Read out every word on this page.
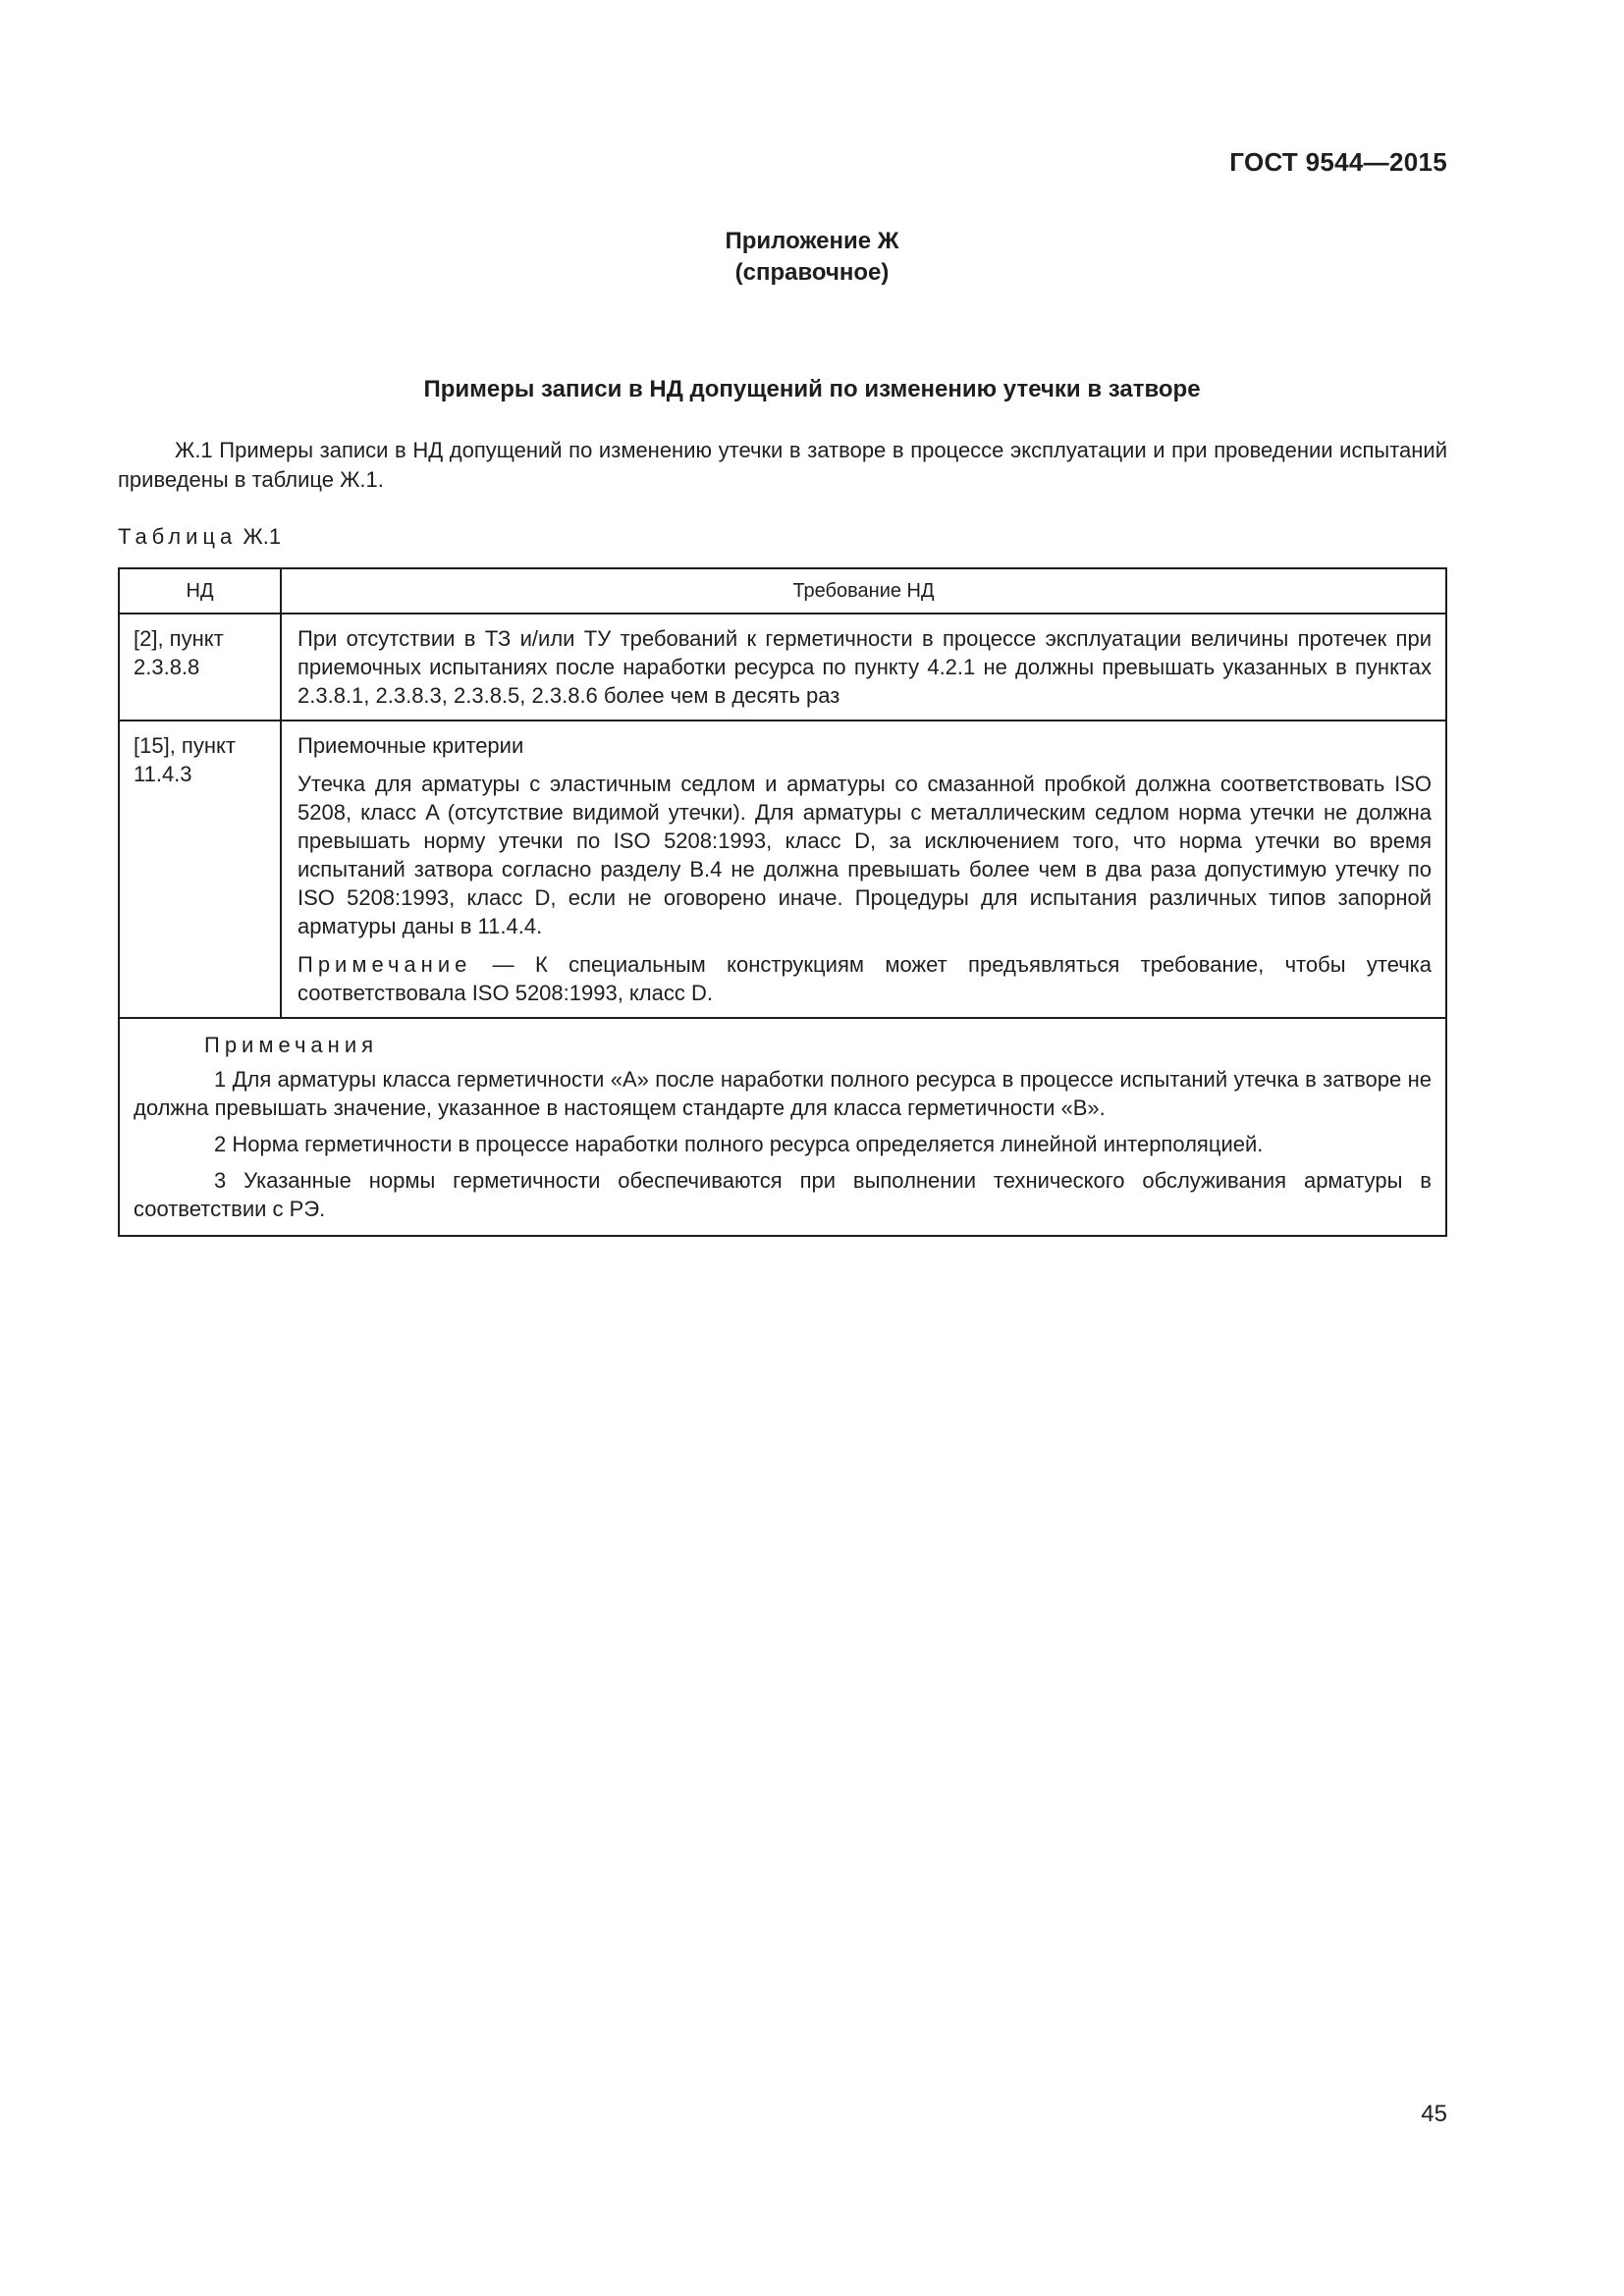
ГОСТ 9544—2015
Приложение Ж
(справочное)
Примеры записи в НД допущений по изменению утечки в затворе

Ж.1 Примеры записи в НД допущений по изменению утечки в затворе в процессе эксплуатации и при проведении испытаний приведены в таблице Ж.1.

Таблица Ж.1
НД	Требование НД
[2], пункт 2.3.8.8	При отсутствии в ТЗ и/или ТУ требований к герметичности в процессе эксплуатации величины протечек при приемочных испытаниях после наработки ресурса по пункту 4.2.1 не должны превышать указанных в пунктах 2.3.8.1, 2.3.8.3, 2.3.8.5, 2.3.8.6 более чем в десять раз

[15], пункт 11.4.3	Приемочные критерии

Утечка для арматуры с эластичным седлом и арматуры со смазанной пробкой должна соответствовать ISO 5208, класс A (отсутствие видимой утечки). Для арматуры с металлическим седлом норма утечки не должна превышать норму утечки по ISO 5208:1993, класс D, за исключением того, что норма утечки во время испытаний затвора согласно разделу B.4 не должна превышать более чем в два раза допустимую утечку по ISO 5208:1993, класс D, если не оговорено иначе. Процедуры для испытания различных типов запорной арматуры даны в 11.4.4.

Примечание — К специальным конструкциям может предъявляться требование, чтобы утечка соответствовала ISO 5208:1993, класс D.

Примечания

1 Для арматуры класса герметичности «А» после наработки полного ресурса в процессе испытаний утечка в затворе не должна превышать значение, указанное в настоящем стандарте для класса герметичности «В».

2 Норма герметичности в процессе наработки полного ресурса определяется линейной интерполяцией.

3 Указанные нормы герметичности обеспечиваются при выполнении технического обслуживания арматуры в соответствии с РЭ.	

45
